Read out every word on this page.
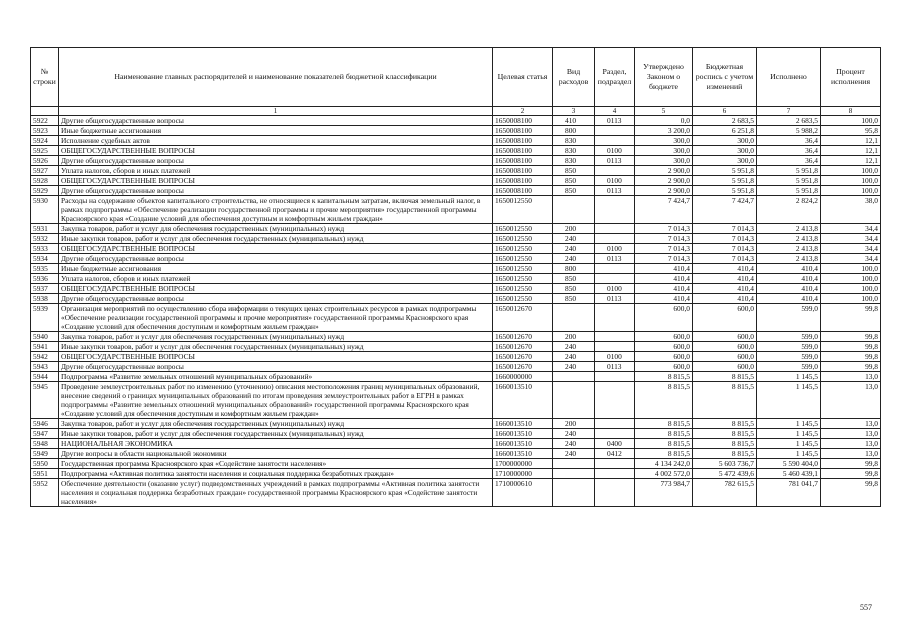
№ строки	Наименование главных распорядителей и наименование показателей бюджетной классификации	Целевая статья	Вид расходов	Раздел, подраздел	Утверждено Законом о бюджете	Бюджетная роспись с учетом изменений	Исполнено	Процент исполнения
	1	2	3	4	5	6	7	8
5922	Другие общегосударственные вопросы	1650008100	410	0113	0,0	2 683,5	2 683,5	100,0
5923	Иные бюджетные ассигнования	1650008100	800		3 200,0	6 251,8	5 988,2	95,8
5924	Исполнение судебных актов	1650008100	830		300,0	300,0	36,4	12,1
5925	ОБЩЕГОСУДАРСТВЕННЫЕ ВОПРОСЫ	1650008100	830	0100	300,0	300,0	36,4	12,1
5926	Другие общегосударственные вопросы	1650008100	830	0113	300,0	300,0	36,4	12,1
5927	Уплата налогов, сборов и иных платежей	1650008100	850		2 900,0	5 951,8	5 951,8	100,0
5928	ОБЩЕГОСУДАРСТВЕННЫЕ ВОПРОСЫ	1650008100	850	0100	2 900,0	5 951,8	5 951,8	100,0
5929	Другие общегосударственные вопросы	1650008100	850	0113	2 900,0	5 951,8	5 951,8	100,0
5930	Расходы на содержание объектов капитального строительства, не относящиеся к капитальным затратам, включая земельный налог, в рамках подпрограммы «Обеспечение реализации государственной программы и прочие мероприятия» государственной программы Красноярского края «Создание условий для обеспечения доступным и комфортным жильем граждан»	1650012550			7 424,7	7 424,7	2 824,2	38,0
5931	Закупка товаров, работ и услуг для обеспечения государственных (муниципальных) нужд	1650012550	200		7 014,3	7 014,3	2 413,8	34,4
5932	Иные закупки товаров, работ и услуг для обеспечения государственных (муниципальных) нужд	1650012550	240		7 014,3	7 014,3	2 413,8	34,4
5933	ОБЩЕГОСУДАРСТВЕННЫЕ ВОПРОСЫ	1650012550	240	0100	7 014,3	7 014,3	2 413,8	34,4
5934	Другие общегосударственные вопросы	1650012550	240	0113	7 014,3	7 014,3	2 413,8	34,4
5935	Иные бюджетные ассигнования	1650012550	800		410,4	410,4	410,4	100,0
5936	Уплата налогов, сборов и иных платежей	1650012550	850		410,4	410,4	410,4	100,0
5937	ОБЩЕГОСУДАРСТВЕННЫЕ ВОПРОСЫ	1650012550	850	0100	410,4	410,4	410,4	100,0
5938	Другие общегосударственные вопросы	1650012550	850	0113	410,4	410,4	410,4	100,0
5939	Организация мероприятий по осуществлению сбора информации о текущих ценах строительных ресурсов в рамках подпрограммы «Обеспечение реализации государственной программы и прочие мероприятия» государственной программы Красноярского края «Создание условий для обеспечения доступным и комфортным жильем граждан»	1650012670			600,0	600,0	599,0	99,8
5940	Закупка товаров, работ и услуг для обеспечения государственных (муниципальных) нужд	1650012670	200		600,0	600,0	599,0	99,8
5941	Иные закупки товаров, работ и услуг для обеспечения государственных (муниципальных) нужд	1650012670	240		600,0	600,0	599,0	99,8
5942	ОБЩЕГОСУДАРСТВЕННЫЕ ВОПРОСЫ	1650012670	240	0100	600,0	600,0	599,0	99,8
5943	Другие общегосударственные вопросы	1650012670	240	0113	600,0	600,0	599,0	99,8
5944	Подпрограмма «Развитие земельных отношений муниципальных образований»	1660000000			8 815,5	8 815,5	1 145,5	13,0
5945	Проведение землеустроительных работ по изменению (уточнению) описания местоположения границ муниципальных образований, внесение сведений о границах муниципальных образований по итогам проведения землеустроительных работ в ЕГРН в рамках подпрограммы «Развитие земельных отношений муниципальных образований» государственной программы Красноярского края «Создание условий для обеспечения доступным и комфортным жильем граждан»	1660013510			8 815,5	8 815,5	1 145,5	13,0
5946	Закупка товаров, работ и услуг для обеспечения государственных (муниципальных) нужд	1660013510	200		8 815,5	8 815,5	1 145,5	13,0
5947	Иные закупки товаров, работ и услуг для обеспечения государственных (муниципальных) нужд	1660013510	240		8 815,5	8 815,5	1 145,5	13,0
5948	НАЦИОНАЛЬНАЯ ЭКОНОМИКА	1660013510	240	0400	8 815,5	8 815,5	1 145,5	13,0
5949	Другие вопросы в области национальной экономики	1660013510	240	0412	8 815,5	8 815,5	1 145,5	13,0
5950	Государственная программа Красноярского края «Содействие занятости населения»	1700000000			4 134 242,0	5 603 736,7	5 590 404,0	99,8
5951	Подпрограмма «Активная политика занятости населения и социальная поддержка безработных граждан»	1710000000			4 002 572,0	5 472 439,6	5 460 439,1	99,8
5952	Обеспечение деятельности (оказание услуг) подведомственных учреждений в рамках подпрограммы «Активная политика занятости населения и социальная поддержка безработных граждан» государственной программы Красноярского края «Содействие занятости населения»	1710000610			773 984,7	782 615,5	781 041,7	99,8
557
